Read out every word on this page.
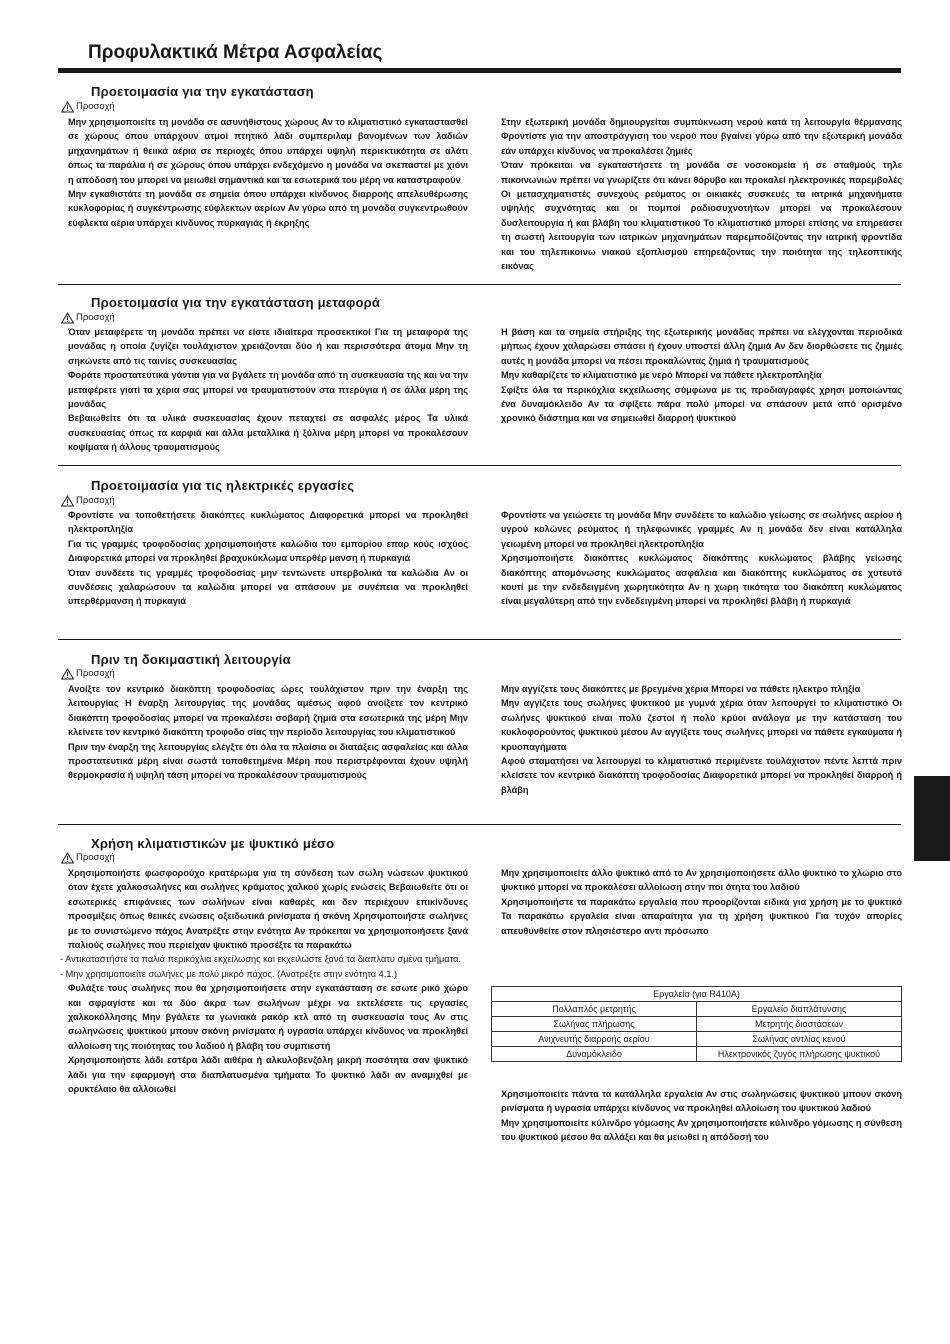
Προφυλακτικά Μέτρα Ασφαλείας
Προετοιμασία για την εγκατάσταση
Προσοχή

Μην χρησιμοποιείτε τη μονάδα σε ασυνήθιστους χώρους Αν το κλιματιστικό εγκαταστασθεί σε χώρους όπου υπάρχουν ατμοί πτητικό λάδι συμπεριλαμ βανομένων των λαδιών μηχανημάτων ή θειικά αέρια σε περιοχές όπου υπάρχει υψηλή περιεκτικότητα σε αλάτι όπως τα παράλια ή σε χώρους όπου υπάρχει ενδεχόμενο η μονάδα να σκεπαστεί με χιόνι η απόδοσή του μπορεί να μειωθεί σημαντικά και τα εσωτερικά του μέρη να καταστραφούν

Μην εγκαθιστάτε τη μονάδα σε σημεία όπου υπάρχει κίνδυνος διαρροής απελευθέρωσης κυκλοφορίας ή συγκέντρωσης εύφλεκτων αερίων Αν γύρω από τη μονάδα συγκεντρωθούν εύφλεκτα αέρια υπάρχει κίνδυνος πυρκαγιάς ή έκρηξης

Στην εξωτερική μονάδα δημιουργείται συμπύκνωση νερού κατά τη λειτουργία θέρμανσης Φροντίστε για την αποστράγγιση του νερού που βγαίνει γύρω από την εξωτερική μονάδα εάν υπάρχει κίνδυνος να προκαλέσει ζημιές

Όταν πρόκειται να εγκαταστήσετε τη μονάδα σε νοσοκομεία ή σε σταθμούς τηλε πικοινωνιών πρέπει να γνωρίζετε ότι κάνει θόρυβο και προκαλεί ηλεκτρονικές παρεμβολές Οι μετασχηματιστές συνεχούς ρεύματος οι οικιακές συσκευές τα ιατρικά μηχανήματα υψηλής συχνότητας και οι πομποί ραδιοσυχνοτήτων μπορεί να προκαλέσουν δυσλειτουργία ή και βλάβη του κλιματιστικού Το κλιματιστικό μπορεί επίσης να επηρεάσει τη σωστή λειτουργία των ιατρικών μηχανημάτων παρεμποδίζοντας την ιατρική φροντίδα και του τηλεπικοινω νιακού εξοπλισμού επηρεάζοντας την ποιότητα της τηλεοπτικής εικόνας

Προετοιμασία για την εγκατάσταση μεταφορά
Προσοχή

Όταν μεταφέρετε τη μονάδα πρέπει να είστε ιδιαίτερα προσεκτικοί Για τη μεταφορά της μονάδας η οποία ζυγίζει τουλάχιστον χρειάζονται δύο ή και περισσότερα άτομα Μην τη σηκώνετε από τις ταινίες συσκευασίας

Φοράτε προστατευτικά γάντια για να βγάλετε τη μονάδα από τη συσκευασία της και να την μεταφέρετε γιατί τα χέρια σας μπορεί να τραυματιστούν στα πτερύγια ή σε άλλα μέρη της μονάδας

Βεβαιωθείτε ότι τα υλικά συσκευασίας έχουν πεταχτεί σε ασφαλές μέρος Τα υλικά συσκευασίας όπως τα καρφιά και άλλα μεταλλικά ή ξύλινα μέρη μπορεί να προκαλέσουν κοψίματα ή άλλους τραυματισμούς

Η βάση και τα σημεία στήριξης της εξωτερικής μονάδας πρέπει να ελέγχονται περιοδικά μήπως έχουν χαλαρώσει σπάσει ή έχουν υποστεί άλλη ζημιά Αν δεν διορθώσετε τις ζημιές αυτές η μονάδα μπορεί να πέσει προκαλώντας ζημιά ή τραυματισμούς

Μην καθαρίζετε το κλιματιστικό με νερό Μπορεί να πάθετε ηλεκτροπληξία

Σφίξτε όλα τα περικόχλια εκχείλωσης σύμφωνα με τις προδιαγραφές χρησι μοποιώντας ένα δυναμόκλειδο Αν τα σφίξετε πάρα πολύ μπορεί να σπάσουν μετά από ορισμένο χρονικό διάστημα και να σημειωθεί διαρροή ψυκτικού

Προετοιμασία για τις ηλεκτρικές εργασίες
Προσοχή

Φροντίστε να τοποθετήσετε διακόπτες κυκλώματος Διαφορετικά μπορεί να προκληθεί ηλεκτροπληξία

Για τις γραμμές τροφοδοσίας χρησιμοποιήστε καλώδια του εμπορίου επαρ κούς ισχύος Διαφορετικά μπορεί να προκληθεί βραχυκύκλωμα υπερθέρ μανση ή πυρκαγιά

Όταν συνδέετε τις γραμμές τροφοδοσίας μην τεντώνετε υπερβολικά τα καλώδια Αν οι συνδέσεις χαλαρώσουν τα καλώδια μπορεί να σπάσουν με συνέπεια να προκληθεί υπερθέρμανση ή πυρκαγιά

Φροντίστε να γειώσετε τη μονάδα Μην συνδέετε το καλώδιο γείωσης σε σωλήνες αερίου ή υγρού κολώνες ρεύματος ή τηλεφωνικές γραμμές Αν η μονάδα δεν είναι κατάλληλα γειωμένη μπορεί να προκληθεί ηλεκτροπληξία

Χρησιμοποιήστε διακόπτες κυκλώματος διακόπτης κυκλώματος βλάβης γείωσης διακόπτης απομόνωσης κυκλώματος ασφάλεια και διακόπτης κυκλώματος σε χυτευτό κουτί με την ενδεδειγμένη χωρητικότητα Αν η χωρη τικότητα του διακόπτη κυκλώματος είναι μεγαλύτερη από την ενδεδειγμένη μπορεί να προκληθεί βλάβη ή πυρκαγιά

Πριν τη δοκιμαστική λειτουργία
Προσοχή

Ανοίξτε τον κεντρικό διακόπτη τροφοδοσίας ώρες τουλάχιστον πριν την έναρξη της λειτουργίας Η έναρξη λειτουργίας της μονάδας αμέσως αφού ανοίξετε τον κεντρικό διακόπτη τροφοδοσίας μπορεί να προκαλέσει σοβαρή ζημιά στα εσωτερικά της μέρη Μην κλείνετε τον κεντρικό διακόπτη τροφοδο σίας την περίοδο λειτουργίας του κλιματιστικού

Πριν την έναρξη της λειτουργίας ελέγξτε ότι όλα τα πλαίσια οι διατάξεις ασφαλείας και άλλα προστατευτικά μέρη είναι σωστά τοποθετημένα Μέρη που περιστρέφονται έχουν υψηλή θερμοκρασία ή υψηλή τάση μπορεί να προκαλέσουν τραυματισμούς

Μην αγγίζετε τους διακόπτες με βρεγμένα χέρια Μπορεί να πάθετε ηλεκτρο πληξία

Μην αγγίζετε τους σωλήνες ψυκτικού με γυμνά χέρια όταν λειτουργεί το κλιματιστικό Οι σωλήνες ψυκτικού είναι πολύ ζεστοί ή πολύ κρύοι ανάλογα με την κατάσταση του κυκλοφορούντος ψυκτικού μέσου Αν αγγίξετε τους σωλήνες μπορεί να πάθετε εγκαύματα ή κρυοπαγήματα

Αφού σταματήσει να λειτουργεί το κλιματιστικό περιμένετε τουλάχιστον πέντε λεπτά πριν κλείσετε τον κεντρικό διακόπτη τροφοδοσίας Διαφορετικά μπορεί να προκληθεί διαρροή ή βλάβη

Χρήση κλιματιστικών με ψυκτικό μέσο
Προσοχή

Χρησιμοποιήστε φωσφορούχο κρατέρωμα για τη σύνδεση των σωλη νώσεων ψυκτικού όταν έχετε χαλκοσωλήνες και σωλήνες κράματος χαλκού χωρίς ενώσεις Βεβαιωθείτε ότι οι εσωτερικές επιφάνειες των σωλήνων είναι καθαρές και δεν περιέχουν επικίνδυνες προσμίξεις όπως θειικές ενώσεις οξειδωτικά ρινίσματα ή σκόνη Χρησιμοποιήστε σωλήνες με το συνιστώμενο πάχος Ανατρέξτε στην ενότητα Αν πρόκειται να χρησιμοποιήσετε ξανά παλιούς σωλήνες που περιείχαν ψυκτικό προσέξτε τα παρακάτω

- Αντικαταστήστε τα παλιά περικόχλια εκχείλωσης και εκχειλώστε ξανά τα διαπλατυ σμένα τμήματα.

- Μην χρησιμοποιείτε σωλήνες με πολύ μικρό πάχος. (Ανατρέξτε στην ενότητα 4.1.)

Φυλάξτε τους σωλήνες που θα χρησιμοποιήσετε στην εγκατάσταση σε εσωτε ρικό χώρο και σφραγίστε και τα δύο άκρα των σωλήνων μέχρι να εκτελέσετε τις εργασίες χαλκοκόλλησης Μην βγάλετε τα γωνιακά ρακόρ κτλ από τη συσκευασία τους Αν στις σωληνώσεις ψυκτικού μπουν σκόνη ρινίσματα ή υγρασία υπάρχει κίνδυνος να προκληθεί αλλοίωση της ποιότητας του λαδιού ή βλάβη του συμπιεστή

Χρησιμοποιήστε λάδι εστέρα λάδι αιθέρα ή αλκυλοβενζόλη μικρή ποσότητα σαν ψυκτικό λάδι για την εφαρμογή στα διαπλατυσμένα τμήματα Το ψυκτικό λάδι αν αναμιχθεί με ορυκτέλαιο θα αλλοιωθεί

Μην χρησιμοποιείτε άλλο ψυκτικό από το Αν χρησιμοποιήσετε άλλο ψυκτικό το χλώριο στο ψυκτικό μπορεί να προκαλέσει αλλοίωση στην ποι ότητα του λαδιού

Χρησιμοποιήστε τα παρακάτω εργαλεία που προορίζονται ειδικά για χρήση με το ψυκτικό Τα παρακάτω εργαλεία είναι απαραίτητα για τη χρήση ψυκτικού Για τυχόν απορίες απευθυνθείτε στον πλησιέστερο αντι πρόσωπο

Εργαλεία (για R410A)	
Πολλαπλός μετρητής	Εργαλείο διαπλάτυνσης
Σωλήνας πλήρωσης	Μετρητής διαστάσεων
Ανιχνευτής διαρροής αερίου	Σωλήνας αντλίας κενού
Δυναμόκλειδο	Ηλεκτρονικός ζυγός πλήρωσης ψυκτικού

Χρησιμοποιείτε πάντα τα κατάλληλα εργαλεία Αν στις σωληνώσεις ψυκτικού μπουν σκόνη ρινίσματα ή υγρασία υπάρχει κίνδυνος να προκληθεί αλλοίωση του ψυκτικού λαδιού

Μην χρησιμοποιείτε κύλινδρο γόμωσης Αν χρησιμοποιήσετε κύλινδρο γόμωσης η σύνθεση του ψυκτικού μέσου θα αλλάξει και θα μειωθεί η απόδοσή του
